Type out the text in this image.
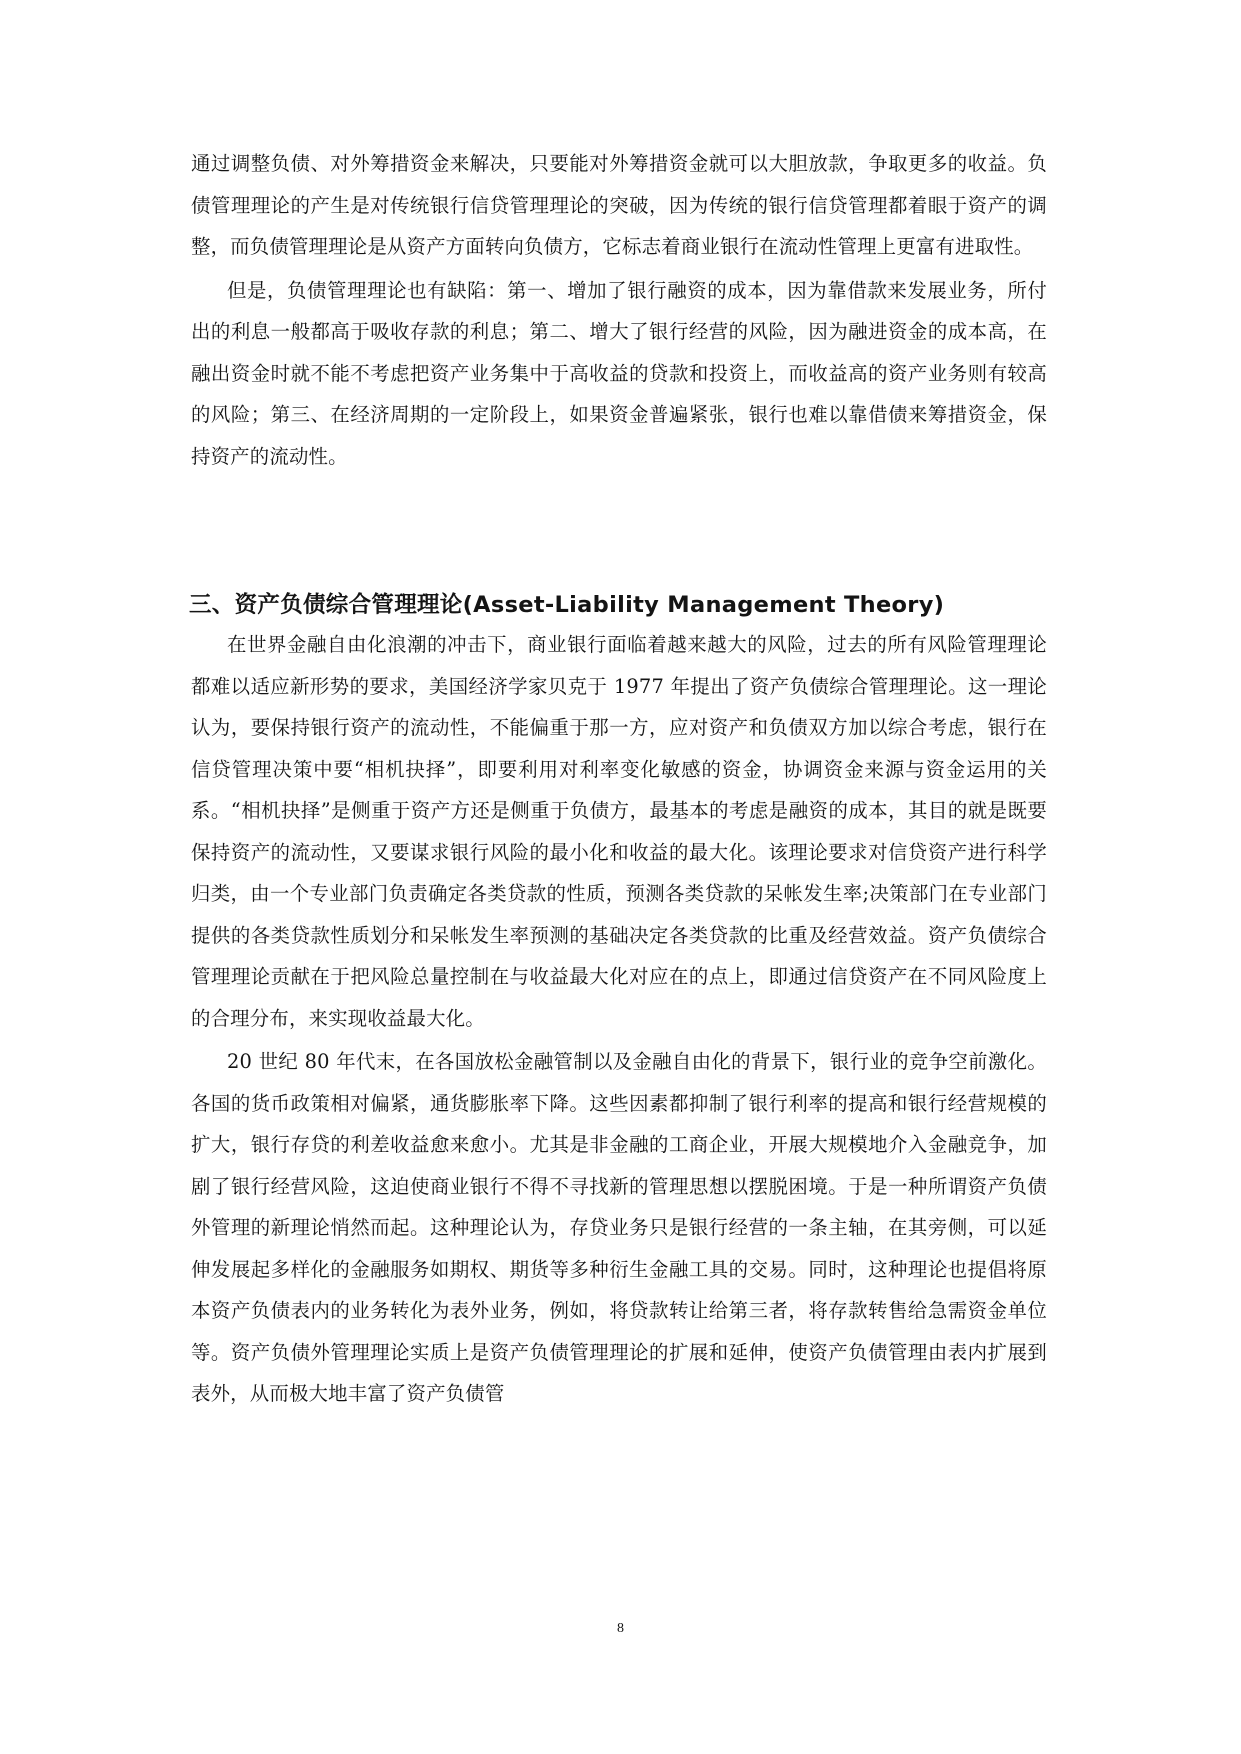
通过调整负债、对外筹措资金来解决，只要能对外筹措资金就可以大胆放款，争取更多的收益。负债管理理论的产生是对传统银行信贷管理理论的突破，因为传统的银行信贷管理都着眼于资产的调整，而负债管理理论是从资产方面转向负债方，它标志着商业银行在流动性管理上更富有进取性。

但是，负债管理理论也有缺陷：第一、增加了银行融资的成本，因为靠借款来发展业务，所付出的利息一般都高于吸收存款的利息；第二、增大了银行经营的风险，因为融进资金的成本高，在融出资金时就不能不考虑把资产业务集中于高收益的贷款和投资上，而收益高的资产业务则有较高的风险；第三、在经济周期的一定阶段上，如果资金普遍紧张，银行也难以靠借债来筹措资金，保持资产的流动性。

三、资产负债综合管理理论(Asset-Liability Management Theory)

在世界金融自由化浪潮的冲击下，商业银行面临着越来越大的风险，过去的所有风险管理理论都难以适应新形势的要求，美国经济学家贝克于 1977 年提出了资产负债综合管理理论。这一理论认为，要保持银行资产的流动性，不能偏重于那一方，应对资产和负债双方加以综合考虑，银行在信贷管理决策中要“相机抉择”，即要利用对利率变化敏感的资金，协调资金来源与资金运用的关系。“相机抉择”是侧重于资产方还是侧重于负债方，最基本的考虑是融资的成本，其目的就是既要保持资产的流动性，又要谋求银行风险的最小化和收益的最大化。该理论要求对信贷资产进行科学归类，由一个专业部门负责确定各类贷款的性质，预测各类贷款的呆帐发生率;决策部门在专业部门提供的各类贷款性质划分和呆帐发生率预测的基础决定各类贷款的比重及经营效益。资产负债综合管理理论贡献在于把风险总量控制在与收益最大化对应在的点上，即通过信贷资产在不同风险度上的合理分布，来实现收益最大化。

20 世纪 80 年代末，在各国放松金融管制以及金融自由化的背景下，银行业的竞争空前激化。各国的货币政策相对偏紧，通货膨胀率下降。这些因素都抑制了银行利率的提高和银行经营规模的扩大，银行存贷的利差收益愈来愈小。尤其是非金融的工商企业，开展大规模地介入金融竞争，加剧了银行经营风险，这迫使商业银行不得不寻找新的管理思想以摆脱困境。于是一种所谓资产负债外管理的新理论悄然而起。这种理论认为，存贷业务只是银行经营的一条主轴，在其旁侧，可以延伸发展起多样化的金融服务如期权、期货等多种衍生金融工具的交易。同时，这种理论也提倡将原本资产负债表内的业务转化为表外业务，例如，将贷款转让给第三者，将存款转售给急需资金单位等。资产负债外管理理论实质上是资产负债管理理论的扩展和延伸，使资产负债管理由表内扩展到表外，从而极大地丰富了资产负债管

8
